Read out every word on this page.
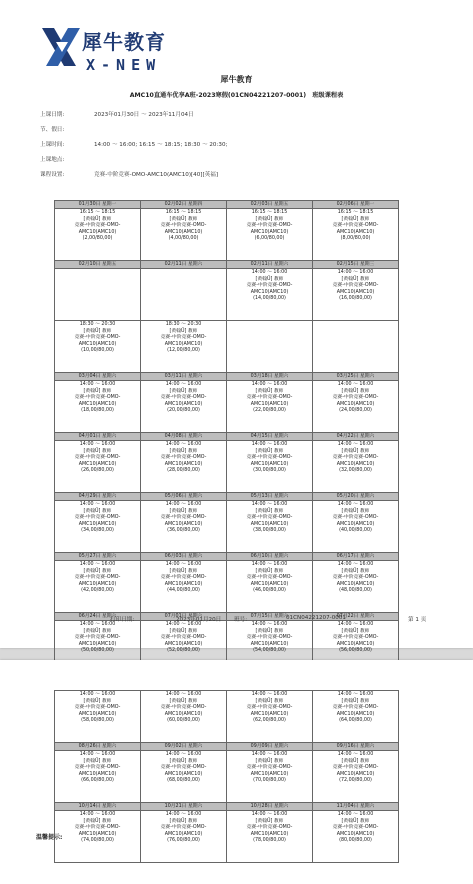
犀牛教育
X-NEW
犀牛教育
AMC10直通车优享A班-2023寒假(01CN04221207-0001)　班级课程表
上课日期:	2023年01月30日 ～ 2023年11月04日
节、假日:
上课时间:	14:00 ～ 16:00; 16:15 ～ 18:15; 18:30 ～ 20:30;
上课地点:
课程设置:	竞赛-中阶竞赛-OMO-AMC10(AMC10)[40][英福]
01月30日 星期一	02月02日 星期四	02月03日 星期五	02月06日 星期一

16:15 ～ 18:15
[黄翰Ü] 教师
竞赛-中阶竞赛-OMO-
AMC10(AMC10)
(2,00/80,00)	16:15 ～ 18:15
[黄翰Ü] 教师
竞赛-中阶竞赛-OMO-
AMC10(AMC10)
(4,00/80,00)	16:15 ～ 18:15
[黄翰Ü] 教师
竞赛-中阶竞赛-OMO-
AMC10(AMC10)
(6,00/80,00)	16:15 ～ 18:15
[黄翰Ü] 教师
竞赛-中阶竞赛-OMO-
AMC10(AMC10)
(8,00/80,00)

02月10日 星期五	02月11日 星期六	02月11日 星期六	02月15日 星期三

		14:00 ～ 16:00
[黄翰Ü] 教师
竞赛-中阶竞赛-OMO-
AMC10(AMC10)
(14,00/80,00)	14:00 ～ 16:00
[黄翰Ü] 教师
竞赛-中阶竞赛-OMO-
AMC10(AMC10)
(16,00/80,00)

18:30 ～ 20:30
[黄翰Ü] 教师
竞赛-中阶竞赛-OMO-
AMC10(AMC10)
(10,00/80,00)	18:30 ～ 20:30
[黄翰Ü] 教师
竞赛-中阶竞赛-OMO-
AMC10(AMC10)
(12,00/80,00)		

03月04日 星期六	03月11日 星期六	03月18日 星期六	03月25日 星期六

14:00 ～ 16:00
[黄翰Ü] 教师
竞赛-中阶竞赛-OMO-
AMC10(AMC10)
(18,00/80,00)	14:00 ～ 16:00
[黄翰Ü] 教师
竞赛-中阶竞赛-OMO-
AMC10(AMC10)
(20,00/80,00)	14:00 ～ 16:00
[黄翰Ü] 教师
竞赛-中阶竞赛-OMO-
AMC10(AMC10)
(22,00/80,00)	14:00 ～ 16:00
[黄翰Ü] 教师
竞赛-中阶竞赛-OMO-
AMC10(AMC10)
(24,00/80,00)

04月01日 星期六	04月08日 星期六	04月15日 星期六	04月22日 星期六

14:00 ～ 16:00
[黄翰Ü] 教师
竞赛-中阶竞赛-OMO-
AMC10(AMC10)
(26,00/80,00)	14:00 ～ 16:00
[黄翰Ü] 教师
竞赛-中阶竞赛-OMO-
AMC10(AMC10)
(28,00/80,00)	14:00 ～ 16:00
[黄翰Ü] 教师
竞赛-中阶竞赛-OMO-
AMC10(AMC10)
(30,00/80,00)	14:00 ～ 16:00
[黄翰Ü] 教师
竞赛-中阶竞赛-OMO-
AMC10(AMC10)
(32,00/80,00)

04月29日 星期六	05月06日 星期六	05月13日 星期六	05月20日 星期六

14:00 ～ 16:00
[黄翰Ü] 教师
竞赛-中阶竞赛-OMO-
AMC10(AMC10)
(34,00/80,00)	14:00 ～ 16:00
[黄翰Ü] 教师
竞赛-中阶竞赛-OMO-
AMC10(AMC10)
(36,00/80,00)	14:00 ～ 16:00
[黄翰Ü] 教师
竞赛-中阶竞赛-OMO-
AMC10(AMC10)
(38,00/80,00)	14:00 ～ 16:00
[黄翰Ü] 教师
竞赛-中阶竞赛-OMO-
AMC10(AMC10)
(40,00/80,00)

05月27日 星期六	06月03日 星期六	06月10日 星期六	06月17日 星期六

14:00 ～ 16:00
[黄翰Ü] 教师
竞赛-中阶竞赛-OMO-
AMC10(AMC10)
(42,00/80,00)	14:00 ～ 16:00
[黄翰Ü] 教师
竞赛-中阶竞赛-OMO-
AMC10(AMC10)
(44,00/80,00)	14:00 ～ 16:00
[黄翰Ü] 教师
竞赛-中阶竞赛-OMO-
AMC10(AMC10)
(46,00/80,00)	14:00 ～ 16:00
[黄翰Ü] 教师
竞赛-中阶竞赛-OMO-
AMC10(AMC10)
(48,00/80,00)

06月24日 星期六	07月01日 星期六	07月15日 星期六	07月22日 星期六

14:00 ～ 16:00
[黄翰Ü] 教师
竞赛-中阶竞赛-OMO-
AMC10(AMC10)
(50,00/80,00)	14:00 ～ 16:00
[黄翰Ü] 教师
竞赛-中阶竞赛-OMO-
AMC10(AMC10)
(52,00/80,00)	14:00 ～ 16:00
[黄翰Ü] 教师
竞赛-中阶竞赛-OMO-
AMC10(AMC10)
(54,00/80,00)	14:00 ～ 16:00
[黄翰Ü] 教师
竞赛-中阶竞赛-OMO-
AMC10(AMC10)
(56,00/80,00)

打印日期:	2023年01月20日 班号:	01CN04221207-0001	第 1 页
14:00 ～ 16:00
[黄翰Ü] 教师
竞赛-中阶竞赛-OMO-
AMC10(AMC10)
(58,00/80,00)	14:00 ～ 16:00
[黄翰Ü] 教师
竞赛-中阶竞赛-OMO-
AMC10(AMC10)
(60,00/80,00)	14:00 ～ 16:00
[黄翰Ü] 教师
竞赛-中阶竞赛-OMO-
AMC10(AMC10)
(62,00/80,00)	14:00 ～ 16:00
[黄翰Ü] 教师
竞赛-中阶竞赛-OMO-
AMC10(AMC10)
(64,00/80,00)

08月26日 星期六	09月02日 星期六	09月09日 星期六	09月16日 星期六

14:00 ～ 16:00
[黄翰Ü] 教师
竞赛-中阶竞赛-OMO-
AMC10(AMC10)
(66,00/80,00)	14:00 ～ 16:00
[黄翰Ü] 教师
竞赛-中阶竞赛-OMO-
AMC10(AMC10)
(68,00/80,00)	14:00 ～ 16:00
[黄翰Ü] 教师
竞赛-中阶竞赛-OMO-
AMC10(AMC10)
(70,00/80,00)	14:00 ～ 16:00
[黄翰Ü] 教师
竞赛-中阶竞赛-OMO-
AMC10(AMC10)
(72,00/80,00)

10月14日 星期六	10月21日 星期六	10月28日 星期六	11月04日 星期六

14:00 ～ 16:00
[黄翰Ü] 教师
竞赛-中阶竞赛-OMO-
AMC10(AMC10)
(74,00/80,00)	14:00 ～ 16:00
[黄翰Ü] 教师
竞赛-中阶竞赛-OMO-
AMC10(AMC10)
(76,00/80,00)	14:00 ～ 16:00
[黄翰Ü] 教师
竞赛-中阶竞赛-OMO-
AMC10(AMC10)
(78,00/80,00)	14:00 ～ 16:00
[黄翰Ü] 教师
竞赛-中阶竞赛-OMO-
AMC10(AMC10)
(80,00/80,00)
温馨提示:
